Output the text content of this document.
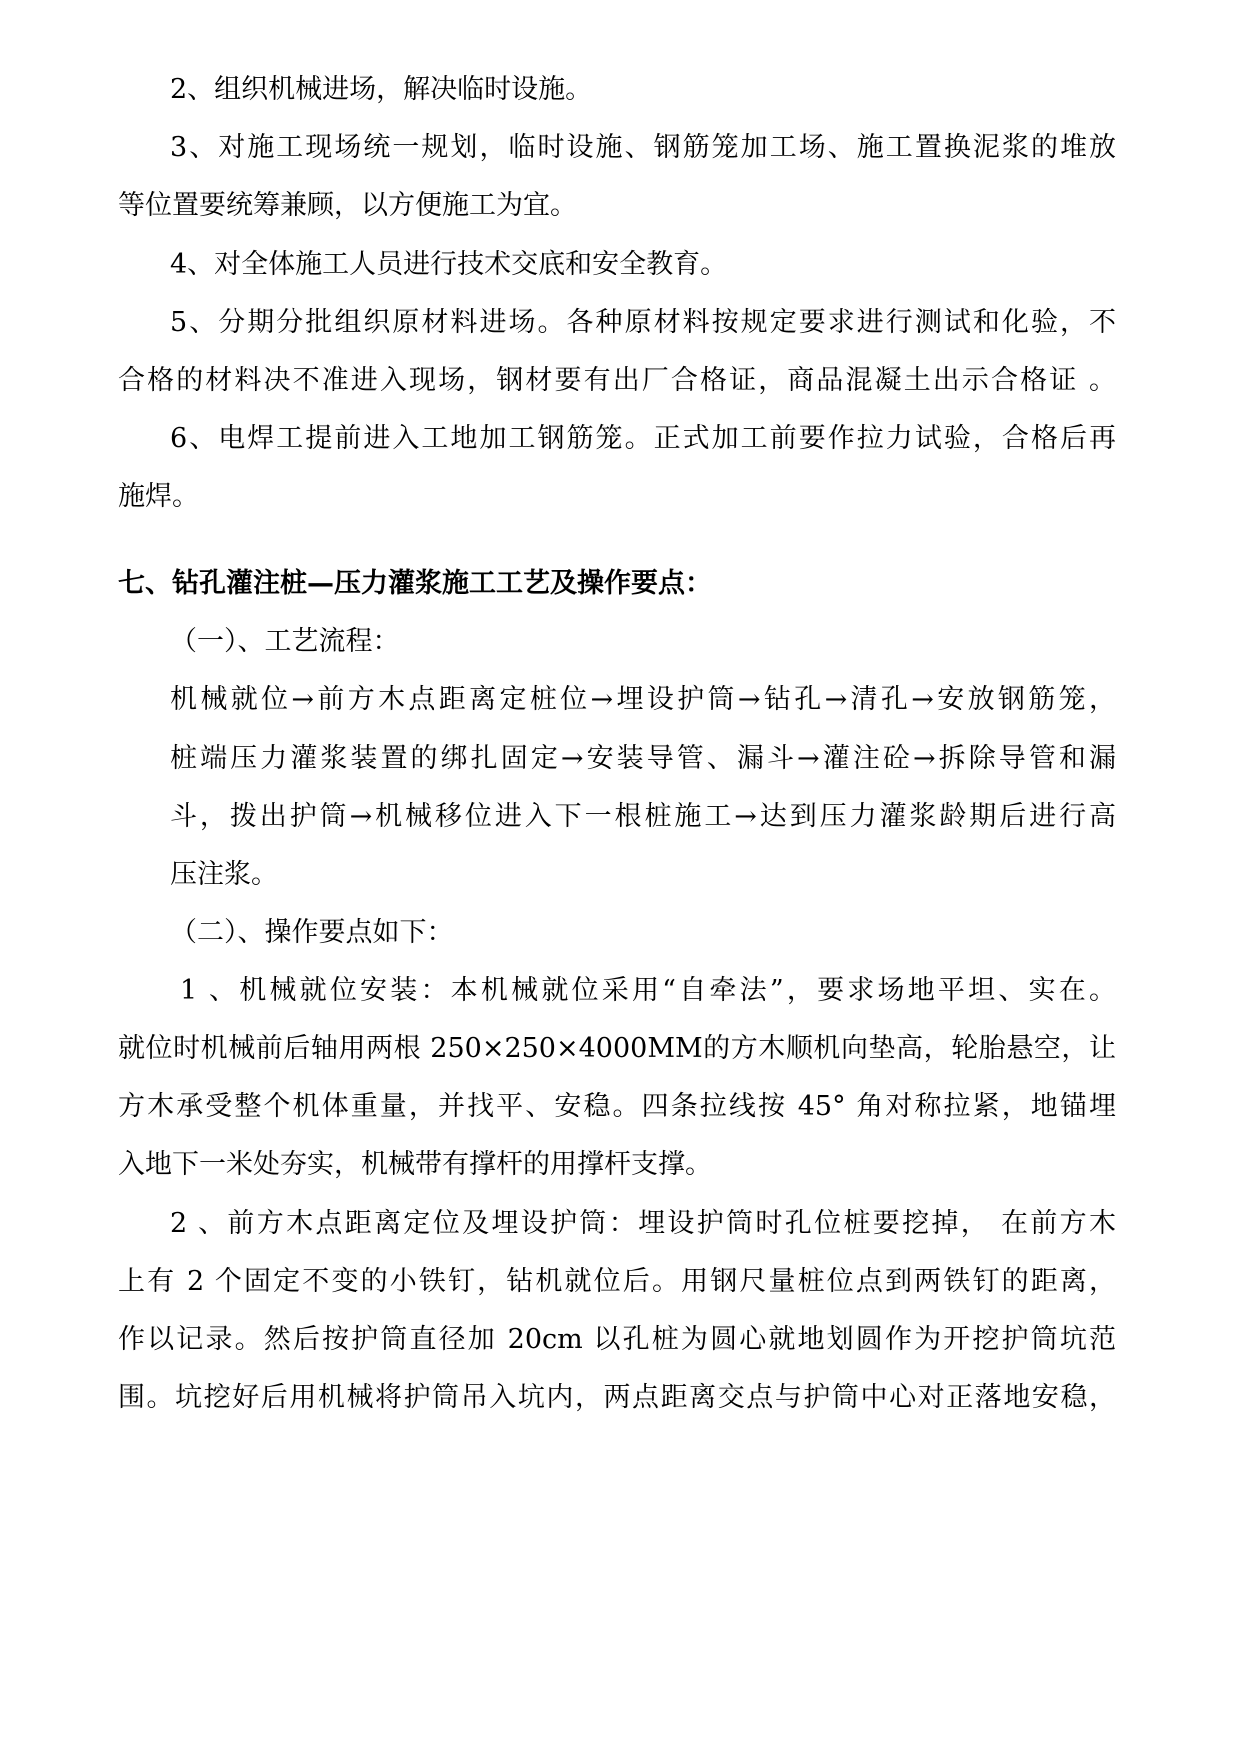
2、组织机械进场，解决临时设施。
3、对施工现场统一规划，临时设施、钢筋笼加工场、施工置换泥浆的堆放
等位置要统筹兼顾，以方便施工为宜。
4、对全体施工人员进行技术交底和安全教育。
5、分期分批组织原材料进场。各种原材料按规定要求进行测试和化验，不
合格的材料决不准进入现场，钢材要有出厂合格证，商品混凝土出示合格证 。
6、电焊工提前进入工地加工钢筋笼。正式加工前要作拉力试验，合格后再
施焊。
七、钻孔灌注桩—压力灌浆施工工艺及操作要点：
（一）、工艺流程：
机械就位→前方木点距离定桩位→埋设护筒→钻孔→清孔→安放钢筋笼，
桩端压力灌浆装置的绑扎固定→安装导管、漏斗→灌注砼→拆除导管和漏
斗，拨出护筒→机械移位进入下一根桩施工→达到压力灌浆龄期后进行高
压注浆。
（二）、操作要点如下：
1 、机械就位安装：本机械就位采用“自牵法”，要求场地平坦、实在。
就位时机械前后轴用两根 250×250×4000MM的方木顺机向垫高，轮胎悬空，让
方木承受整个机体重量，并找平、安稳。四条拉线按 45° 角对称拉紧，地锚埋
入地下一米处夯实，机械带有撑杆的用撑杆支撑。
2 、前方木点距离定位及埋设护筒：埋设护筒时孔位桩要挖掉， 在前方木
上有 2 个固定不变的小铁钉，钻机就位后。用钢尺量桩位点到两铁钉的距离，
作以记录。然后按护筒直径加 20cm 以孔桩为圆心就地划圆作为开挖护筒坑范
围。坑挖好后用机械将护筒吊入坑内，两点距离交点与护筒中心对正落地安稳，
